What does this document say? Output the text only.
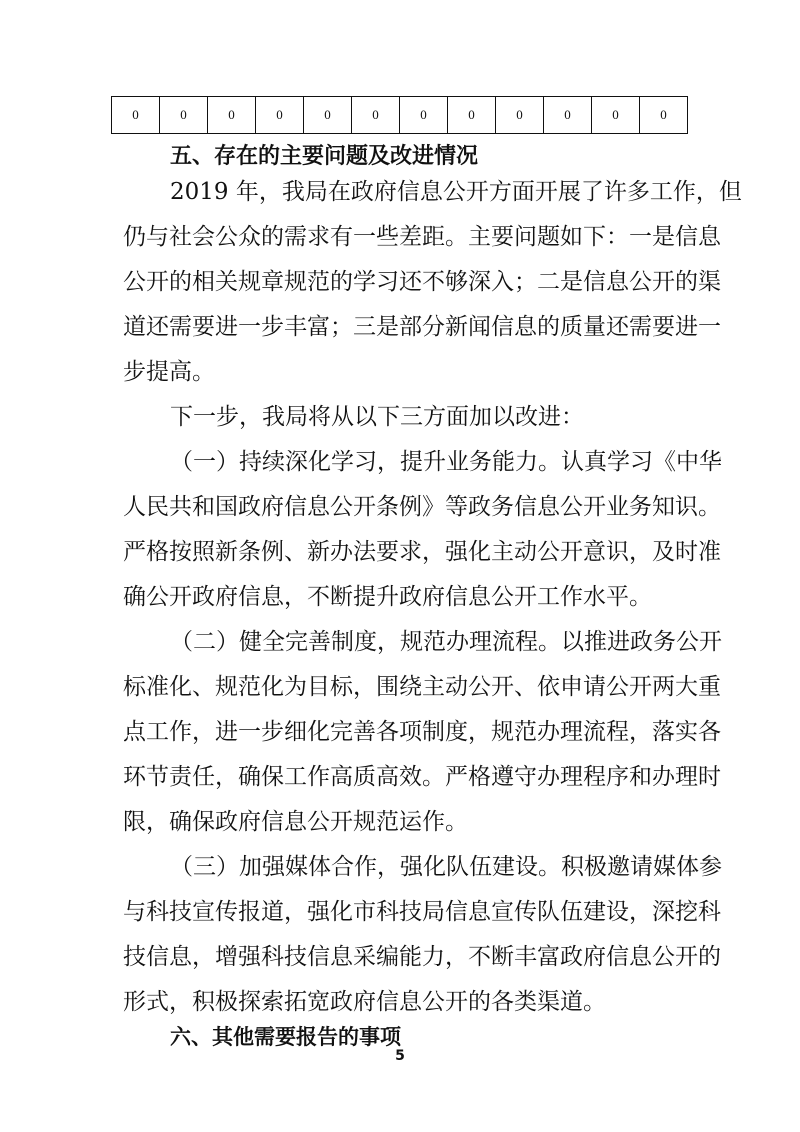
0	0	0	0	0	0	0	0	0	0	0	0
五、存在的主要问题及改进情况
2019 年，我局在政府信息公开方面开展了许多工作，但
仍与社会公众的需求有一些差距。主要问题如下：一是信息
公开的相关规章规范的学习还不够深入；二是信息公开的渠
道还需要进一步丰富；三是部分新闻信息的质量还需要进一
步提高。
下一步，我局将从以下三方面加以改进：
（一）持续深化学习，提升业务能力。认真学习《中华
人民共和国政府信息公开条例》等政务信息公开业务知识。
严格按照新条例、新办法要求，强化主动公开意识，及时准
确公开政府信息，不断提升政府信息公开工作水平。
（二）健全完善制度，规范办理流程。以推进政务公开
标准化、规范化为目标，围绕主动公开、依申请公开两大重
点工作，进一步细化完善各项制度，规范办理流程，落实各
环节责任，确保工作高质高效。严格遵守办理程序和办理时
限，确保政府信息公开规范运作。
（三）加强媒体合作，强化队伍建设。积极邀请媒体参
与科技宣传报道，强化市科技局信息宣传队伍建设，深挖科
技信息，增强科技信息采编能力，不断丰富政府信息公开的
形式，积极探索拓宽政府信息公开的各类渠道。
六、其他需要报告的事项
5
